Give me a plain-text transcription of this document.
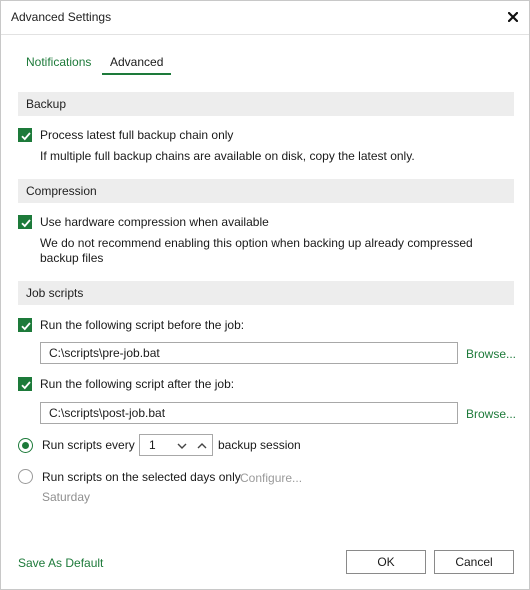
Advanced Settings
Notifications	Advanced
Backup
Process latest full backup chain only
If multiple full backup chains are available on disk, copy the latest only.
Compression
Use hardware compression when available
We do not recommend enabling this option when backing up already compressed backup files
Job scripts
Run the following script before the job:
C:\scripts\pre-job.bat	Browse...
Run the following script after the job:
C:\scripts\post-job.bat	Browse...
Run scripts every 1	backup session
Run scripts on the selected days only Configure...
Saturday
Save As Default	OK	Cancel
